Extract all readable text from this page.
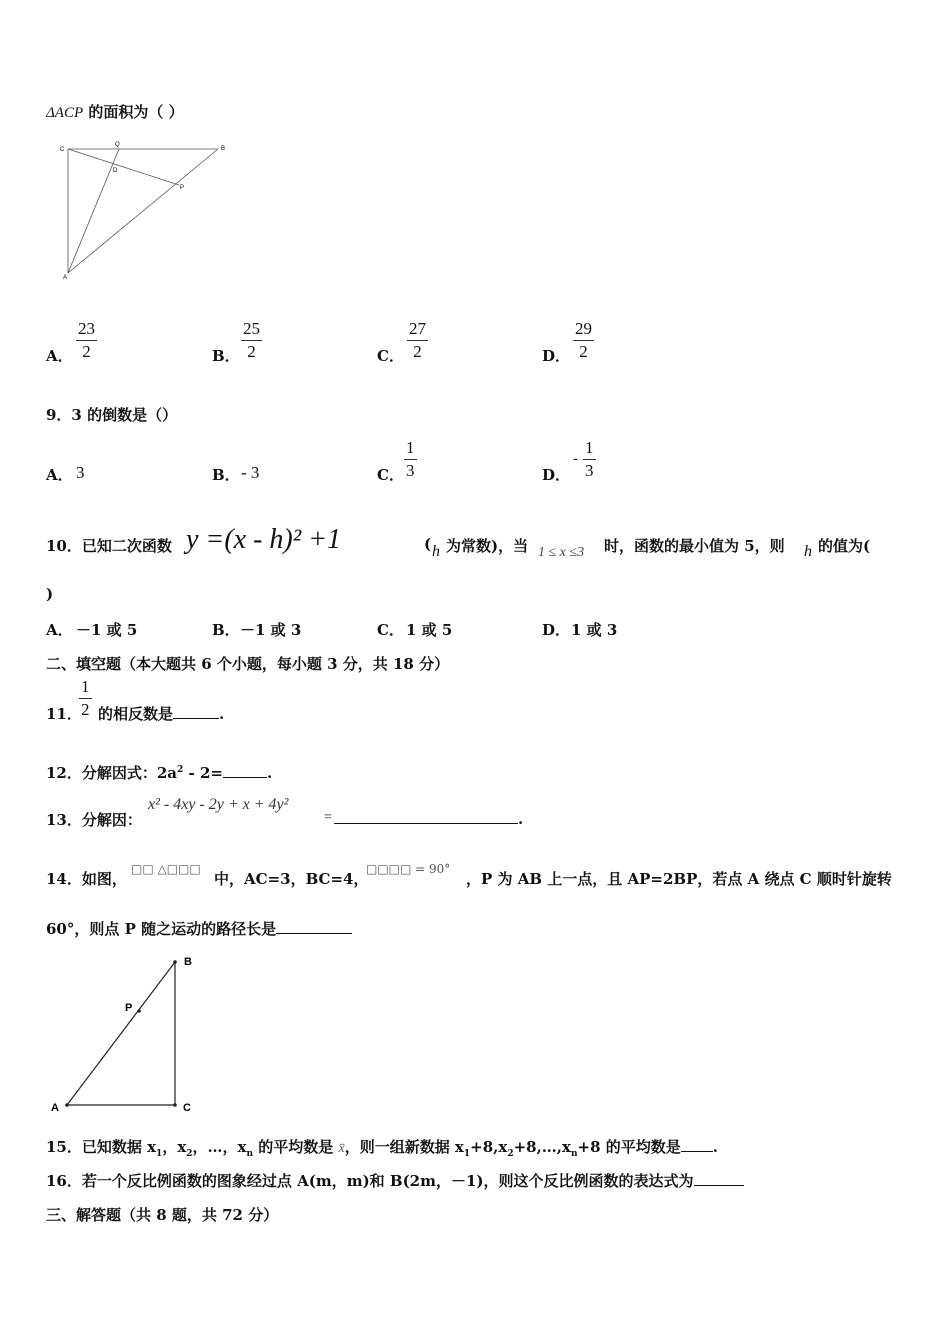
ΔACP 的面积为（ ）
C
Q
B
D
P
A
A． $\frac{23}{2}$	B． $\frac{25}{2}$	C． $\frac{27}{2}$	D． $\frac{29}{2}$
9．3 的倒数是（）
A． 3	B． - 3	C． $\frac{1}{3}$	D．
- $\frac{1}{3}$
10．已知二次函数 y =(x - h)² +1	( h 为常数)，当 1 ≤ x ≤3 时，函数的最小值为 5，则 h 的值为(
)
A． －1 或 5	B． －1 或 3	C． 1 或 5	D． 1 或 3
二、填空题（本大题共 6 个小题，每小题 3 分，共 18 分）
11．
$\frac{1}{2}$ 的相反数是	.
12．分解因式：$2a^2 - 2=$	.
13．分解因：
x² - 4xy - 2y + x + 4y²
=	.
14．如图，
□□ △□□□
中，AC=3，BC=4，
□□□□ = 90°
，P 为 AB 上一点，且 AP=2BP，若点 A 绕点 C 顺时针旋转
60°，则点 P 随之运动的路径长是
B
P
A	C
15．已知数据 $x_1$，$x_2$，…，$x_n$ 的平均数是 x̄，则一组新数据 $x_1+8,x_2+8,\dots,x_n+8$ 的平均数是 .
16．若一个反比例函数的图象经过点 A(m，m)和 B(2m，－1)，则这个反比例函数的表达式为
三、解答题（共 8 题，共 72 分）
